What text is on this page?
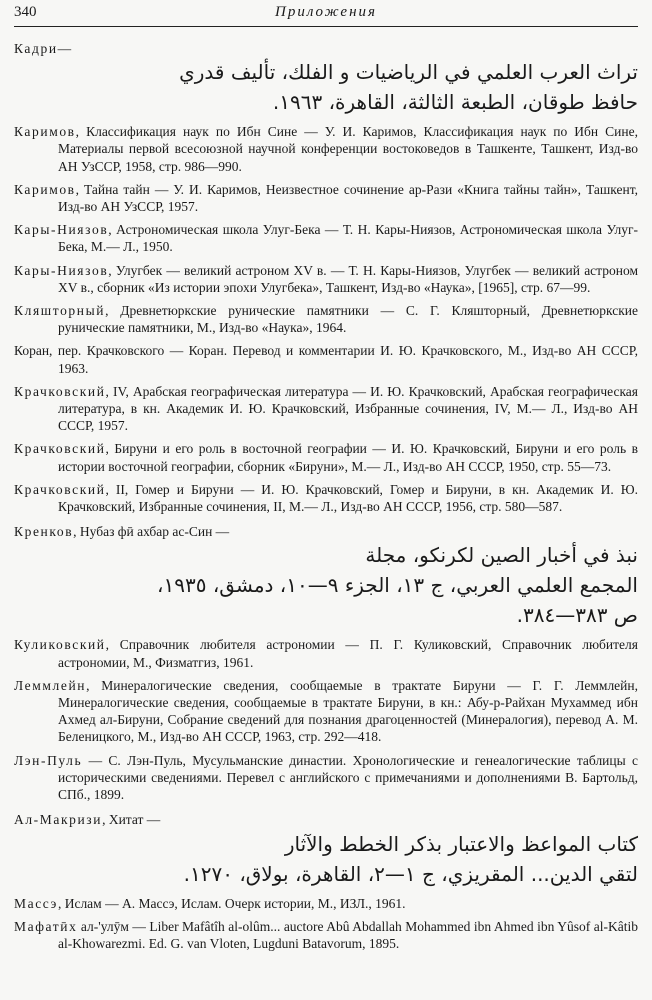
340	Приложения

Кадри—
تراث العرب العلمي في الرياضيات و الفلك، تأليف قدري
حافظ طوقان، الطبعة الثالثة، القاهرة، ١٩٦٣.

Каримов, Классификация наук по Ибн Сине — У. И. Каримов, Классификация наук по Ибн Сине, Материалы первой всесоюзной научной конференции востоковедов в Ташкенте, Ташкент, Изд-во АН УзССР, 1958, стр. 986—990.

Каримов, Тайна тайн — У. И. Каримов, Неизвестное сочинение ар-Рази «Книга тайны тайн», Ташкент, Изд-во АН УзССР, 1957.

Кары-Ниязов, Астрономическая школа Улуг-Бека — Т. Н. Кары-Ниязов, Астрономическая школа Улуг-Бека, М.— Л., 1950.

Кары-Ниязов, Улугбек — великий астроном XV в. — Т. Н. Кары-Ниязов, Улугбек — великий астроном XV в., сборник «Из истории эпохи Улугбека», Ташкент, Изд-во «Наука», [1965], стр. 67—99.

Кляшторный, Древнетюркские рунические памятники — С. Г. Кляшторный, Древнетюркские рунические памятники, М., Изд-во «Наука», 1964.

Коран, пер. Крачковского — Коран. Перевод и комментарии И. Ю. Крачковского, М., Изд-во АН СССР, 1963.

Крачковский, IV, Арабская географическая литература — И. Ю. Крачковский, Арабская географическая литература, в кн. Академик И. Ю. Крачковский, Избранные сочинения, IV, М.— Л., Изд-во АН СССР, 1957.

Крачковский, Бируни и его роль в восточной географии — И. Ю. Крачковский, Бируни и его роль в истории восточной географии, сборник «Бируни», М.— Л., Изд-во АН СССР, 1950, стр. 55—73.

Крачковский, II, Гомер и Бируни — И. Ю. Крачковский, Гомер и Бируни, в кн. Академик И. Ю. Крачковский, Избранные сочинения, II, М.— Л., Изд-во АН СССР, 1956, стр. 580—587.

Кренков, Нубаз фӣ ахбар ас-Син —
نبذ في أخبار الصين لكرنكو، مجلة
المجمع العلمي العربي، ج ١٣، الجزء ٩—١٠، دمشق، ١٩٣٥،
ص ٣٨٣—٣٨٤.

Куликовский, Справочник любителя астрономии — П. Г. Куликовский, Справочник любителя астрономии, М., Физматгиз, 1961.

Леммлейн, Минералогические сведения, сообщаемые в трактате Бируни — Г. Г. Леммлейн, Минералогические сведения, сообщаемые в трактате Бируни, в кн.: Абу-р-Райхан Мухаммед ибн Ахмед ал-Бируни, Собрание сведений для познания драгоценностей (Минералогия), перевод А. М. Беленицкого, М., Изд-во АН СССР, 1963, стр. 292—418.

Лэн-Пуль — С. Лэн-Пуль, Мусульманские династии. Хронологические и генеалогические таблицы с историческими сведениями. Перевел с английского с примечаниями и дополнениями В. Бартольд, СПб., 1899.

Ал-Макризи, Хитат —
كتاب المواعظ والاعتبار بذكر الخطط والآثار
لتقي الدين... المقريزي، ج ١—٢، القاهرة، بولاق، ١٢٧٠.

Массэ, Ислам — А. Массэ, Ислам. Очерк истории, М., ИЗЛ., 1961.

Мафатӣх ал-'улӯм — Liber Mafâtîh al-olûm... auctore Abû Abdallah Mohammed ibn Ahmed ibn Yûsof al-Kâtib al-Khowarezmi. Ed. G. van Vloten, Lugduni Batavorum, 1895.
